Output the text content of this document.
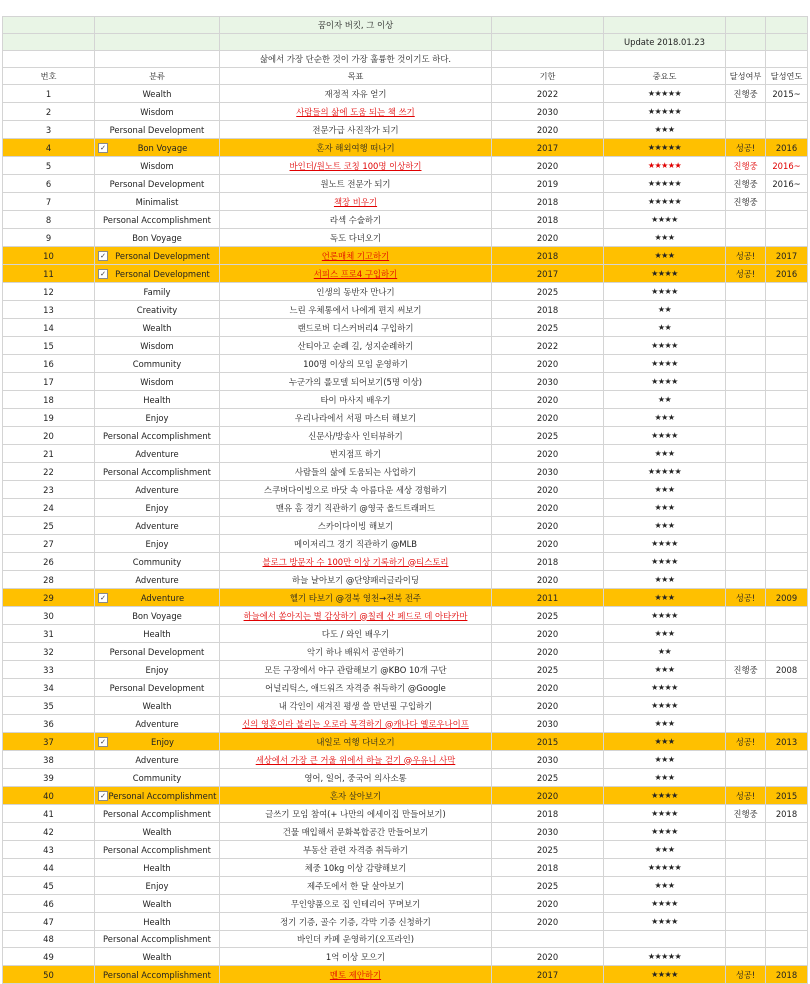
		꿈이자 버킷, 그 이상				
				Update 2018.01.23		
		삶에서 가장 단순한 것이 가장 훌륭한 것이기도 하다.				
번호	분류	목표	기한	중요도	달성여부	달성연도
1	Wealth	재정적 자유 얻기	2022	★★★★★	진행중	2015~
2	Wisdom	사람들의 삶에 도움 되는 책 쓰기	2030	★★★★★		
3	Personal Development	전문가급 사진작가 되기	2020	★★★		
4	✓ Bon Voyage	혼자 해외여행 떠나기	2017	★★★★★	성공!	2016
5	Wisdom	바인더/원노트 코칭 100명 이상하기	2020	★★★★★	진행중	2016~
6	Personal Development	원노트 전문가 되기	2019	★★★★★	진행중	2016~
7	Minimalist	책장 비우기	2018	★★★★★	진행중	
8	Personal Accomplishment	라섹 수술하기	2018	★★★★		
9	Bon Voyage	독도 다녀오기	2020	★★★		
10	✓ Personal Development	언론매체 기고하기	2018	★★★	성공!	2017
11	✓ Personal Development	서피스 프로4 구입하기	2017	★★★★	성공!	2016
12	Family	인생의 동반자 만나기	2025	★★★★		
13	Creativity	느린 우체통에서 나에게 편지 써보기	2018	★★		
14	Wealth	랜드로버 디스커버리4 구입하기	2025	★★		
15	Wisdom	산티아고 순례 길, 성지순례하기	2022	★★★★		
16	Community	100명 이상의 모임 운영하기	2020	★★★★		
17	Wisdom	누군가의 롤모델 되어보기(5명 이상)	2030	★★★★		
18	Health	타이 마사지 배우기	2020	★★		
19	Enjoy	우리나라에서 서핑 마스터 해보기	2020	★★★		
20	Personal Accomplishment	신문사/방송사 인터뷰하기	2025	★★★★		
21	Adventure	번지점프 하기	2020	★★★		
22	Personal Accomplishment	사람들의 삶에 도움되는 사업하기	2030	★★★★★		
23	Adventure	스쿠버다이빙으로 바닷 속 아름다운 세상 경험하기	2020	★★★		
24	Enjoy	맨유 홈 경기 직관하기 @영국 올드트래퍼드	2020	★★★		
25	Adventure	스카이다이빙 해보기	2020	★★★		
27	Enjoy	메이저리그 경기 직관하기 @MLB	2020	★★★★		
26	Community	블로그 방문자 수 100만 이상 기록하기 @티스토리	2018	★★★★		
28	Adventure	하늘 날아보기 @단양패러글라이딩	2020	★★★		
29	✓ Adventure	헬기 타보기 @경북 영천→전북 전주	2011	★★★	성공!	2009
30	Bon Voyage	하늘에서 쏟아지는 별 감상하기 @칠레 산 페드로 데 아타카마	2025	★★★★		
31	Health	다도 / 와인 배우기	2020	★★★		
32	Personal Development	악기 하나 배워서 공연하기	2020	★★		
33	Enjoy	모든 구장에서 야구 관람해보기 @KBO 10개 구단	2025	★★★	진행중	2008
34	Personal Development	어널리틱스, 애드워즈 자격증 취득하기 @Google	2020	★★★★		
35	Wealth	내 각인이 새겨진 평생 쓸 만년필 구입하기	2020	★★★★		
36	Adventure	신의 영혼이라 불리는 오로라 목격하기 @캐나다 옐로우나이프	2030	★★★		
37	✓ Enjoy	내일로 여행 다녀오기	2015	★★★	성공!	2013
38	Adventure	세상에서 가장 큰 거울 위에서 하늘 걷기 @우유니 사막	2030	★★★		
39	Community	영어, 일어, 중국어 의사소통	2025	★★★		
40	✓ Personal Accomplishment	혼자 살아보기	2020	★★★★	성공!	2015
41	Personal Accomplishment	글쓰기 모임 참여(+ 나만의 에세이집 만들어보기)	2018	★★★★	진행중	2018
42	Wealth	건물 매입해서 문화복합공간 만들어보기	2030	★★★★		
43	Personal Accomplishment	부동산 관련 자격증 취득하기	2025	★★★		
44	Health	체중 10kg 이상 감량해보기	2018	★★★★★		
45	Enjoy	제주도에서 한 달 살아보기	2025	★★★		
46	Wealth	무인양품으로 집 인테리어 꾸며보기	2020	★★★★		
47	Health	정기 기증, 골수 기증, 각막 기증 신청하기	2020	★★★★		
48	Personal Accomplishment	바인더 카페 운영하기(오프라인)				
49	Wealth	1억 이상 모으기	2020	★★★★★		
50	Personal Accomplishment	멘토 제안하기	2017	★★★★	성공!	2018
